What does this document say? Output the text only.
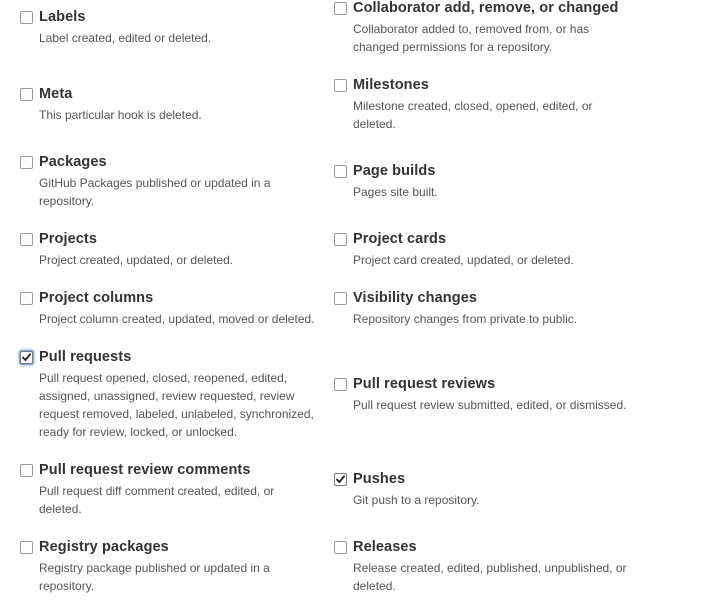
Labels
Label created, edited or deleted.
Meta
This particular hook is deleted.
Packages
GitHub Packages published or updated in a repository.
Projects
Project created, updated, or deleted.
Project columns
Project column created, updated, moved or deleted.
Pull requests
Pull request opened, closed, reopened, edited, assigned, unassigned, review requested, review request removed, labeled, unlabeled, synchronized, ready for review, locked, or unlocked.
Pull request review comments
Pull request diff comment created, edited, or deleted.
Registry packages
Registry package published or updated in a repository.
Collaborator add, remove, or changed
Collaborator added to, removed from, or has changed permissions for a repository.
Milestones
Milestone created, closed, opened, edited, or deleted.
Page builds
Pages site built.
Project cards
Project card created, updated, or deleted.
Visibility changes
Repository changes from private to public.
Pull request reviews
Pull request review submitted, edited, or dismissed.
Pushes
Git push to a repository.
Releases
Release created, edited, published, unpublished, or deleted.
